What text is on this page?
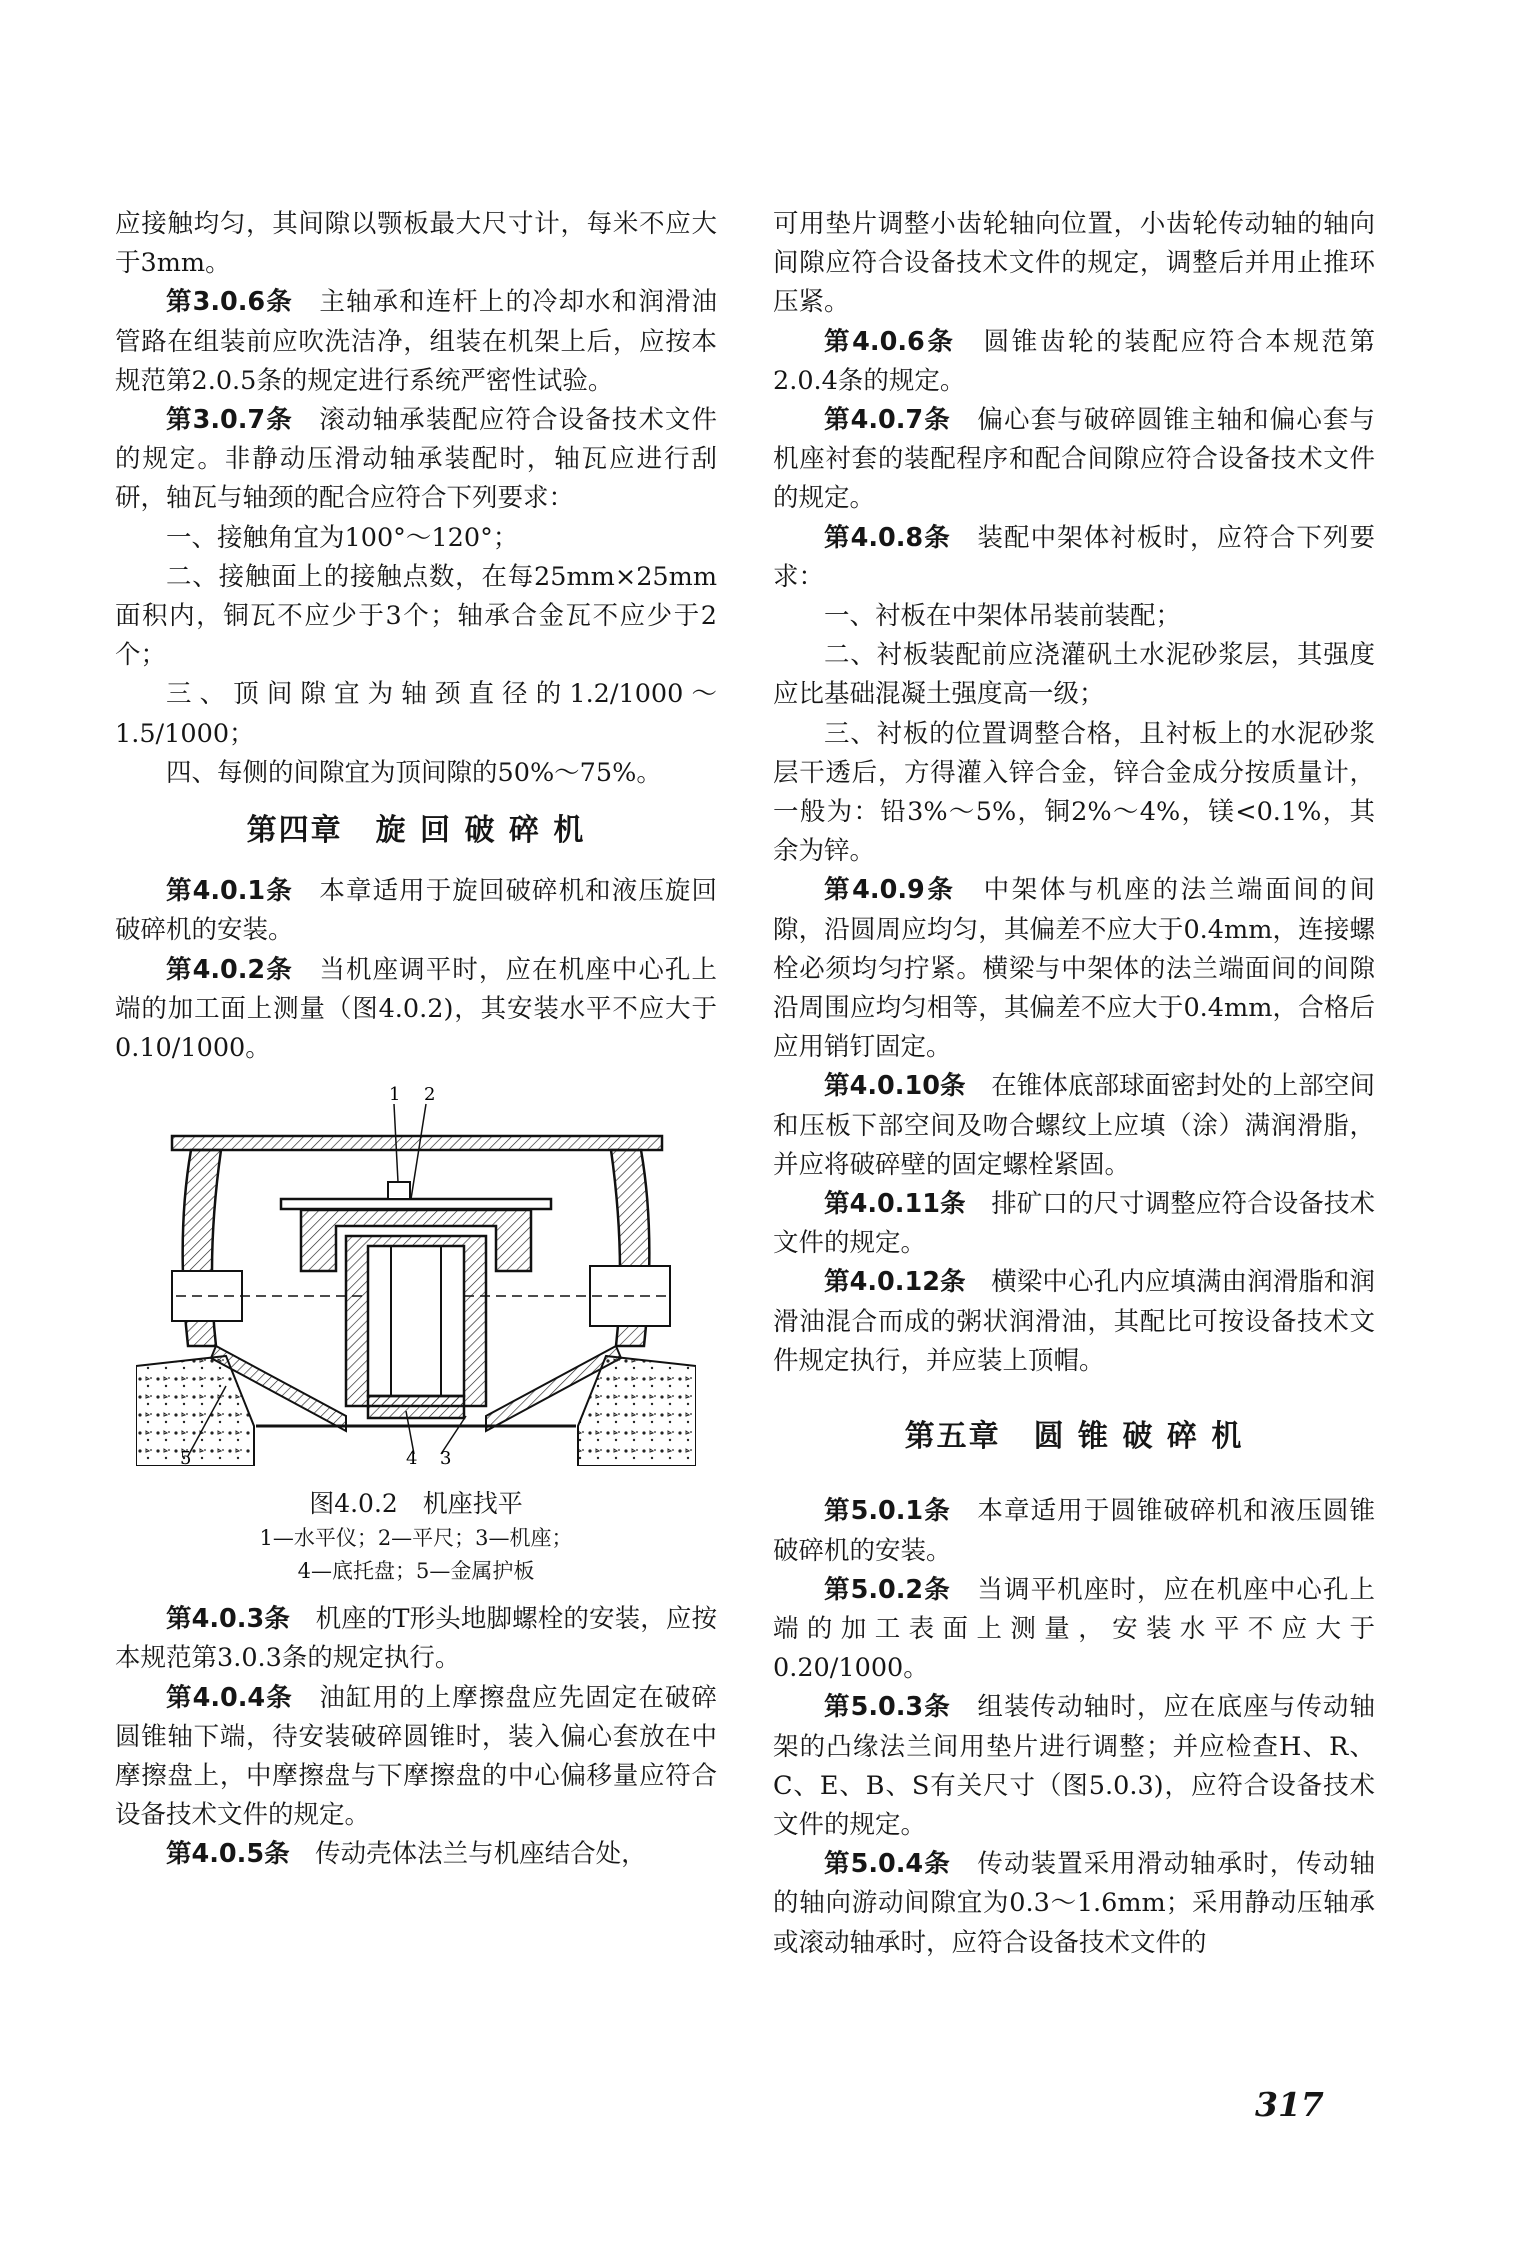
应接触均匀，其间隙以颚板最大尺寸计，每米不应大于3mm。

第3.0.6条 主轴承和连杆上的冷却水和润滑油管路在组装前应吹洗洁净，组装在机架上后，应按本规范第2.0.5条的规定进行系统严密性试验。

第3.0.7条 滚动轴承装配应符合设备技术文件的规定。非静动压滑动轴承装配时，轴瓦应进行刮研，轴瓦与轴颈的配合应符合下列要求：

一、接触角宜为100°～120°；

二、接触面上的接触点数，在每25mm×25mm面积内，铜瓦不应少于3个；轴承合金瓦不应少于2个；

三、顶间隙宜为轴颈直径的1.2/1000～1.5/1000；

四、每侧的间隙宜为顶间隙的50%～75%。

第四章 旋 回 破 碎 机

第4.0.1条 本章适用于旋回破碎机和液压旋回破碎机的安装。

第4.0.2条 当机座调平时，应在机座中心孔上端的加工面上测量（图4.0.2)，其安装水平不应大于0.10/1000。

1 2
3
4
5

图4.0.2　机座找平

1—水平仪；2—平尺；3—机座；

4—底托盘；5—金属护板

第4.0.3条 机座的T形头地脚螺栓的安装，应按本规范第3.0.3条的规定执行。

第4.0.4条 油缸用的上摩擦盘应先固定在破碎圆锥轴下端，待安装破碎圆锥时，装入偏心套放在中摩擦盘上，中摩擦盘与下摩擦盘的中心偏移量应符合设备技术文件的规定。

第4.0.5条 传动壳体法兰与机座结合处，

可用垫片调整小齿轮轴向位置，小齿轮传动轴的轴向间隙应符合设备技术文件的规定，调整后并用止推环压紧。

第4.0.6条 圆锥齿轮的装配应符合本规范第2.0.4条的规定。

第4.0.7条 偏心套与破碎圆锥主轴和偏心套与机座衬套的装配程序和配合间隙应符合设备技术文件的规定。

第4.0.8条 装配中架体衬板时，应符合下列要求：

一、衬板在中架体吊装前装配；

二、衬板装配前应浇灌矾土水泥砂浆层，其强度应比基础混凝土强度高一级；

三、衬板的位置调整合格，且衬板上的水泥砂浆层干透后，方得灌入锌合金，锌合金成分按质量计，一般为：铅3%～5%，铜2%～4%，镁<0.1%，其余为锌。

第4.0.9条 中架体与机座的法兰端面间的间隙，沿圆周应均匀，其偏差不应大于0.4mm，连接螺栓必须均匀拧紧。横梁与中架体的法兰端面间的间隙沿周围应均匀相等，其偏差不应大于0.4mm，合格后应用销钉固定。

第4.0.10条 在锥体底部球面密封处的上部空间和压板下部空间及吻合螺纹上应填（涂）满润滑脂，并应将破碎壁的固定螺栓紧固。

第4.0.11条 排矿口的尺寸调整应符合设备技术文件的规定。

第4.0.12条 横梁中心孔内应填满由润滑脂和润滑油混合而成的粥状润滑油，其配比可按设备技术文件规定执行，并应装上顶帽。

第五章 圆 锥 破 碎 机

第5.0.1条 本章适用于圆锥破碎机和液压圆锥破碎机的安装。

第5.0.2条 当调平机座时，应在机座中心孔上端的加工表面上测量，安装水平不应大于0.20/1000。

第5.0.3条 组装传动轴时，应在底座与传动轴架的凸缘法兰间用垫片进行调整；并应检查H、R、C、E、B、S有关尺寸（图5.0.3)，应符合设备技术文件的规定。

第5.0.4条 传动装置采用滑动轴承时，传动轴的轴向游动间隙宜为0.3～1.6mm；采用静动压轴承或滚动轴承时，应符合设备技术文件的

317
